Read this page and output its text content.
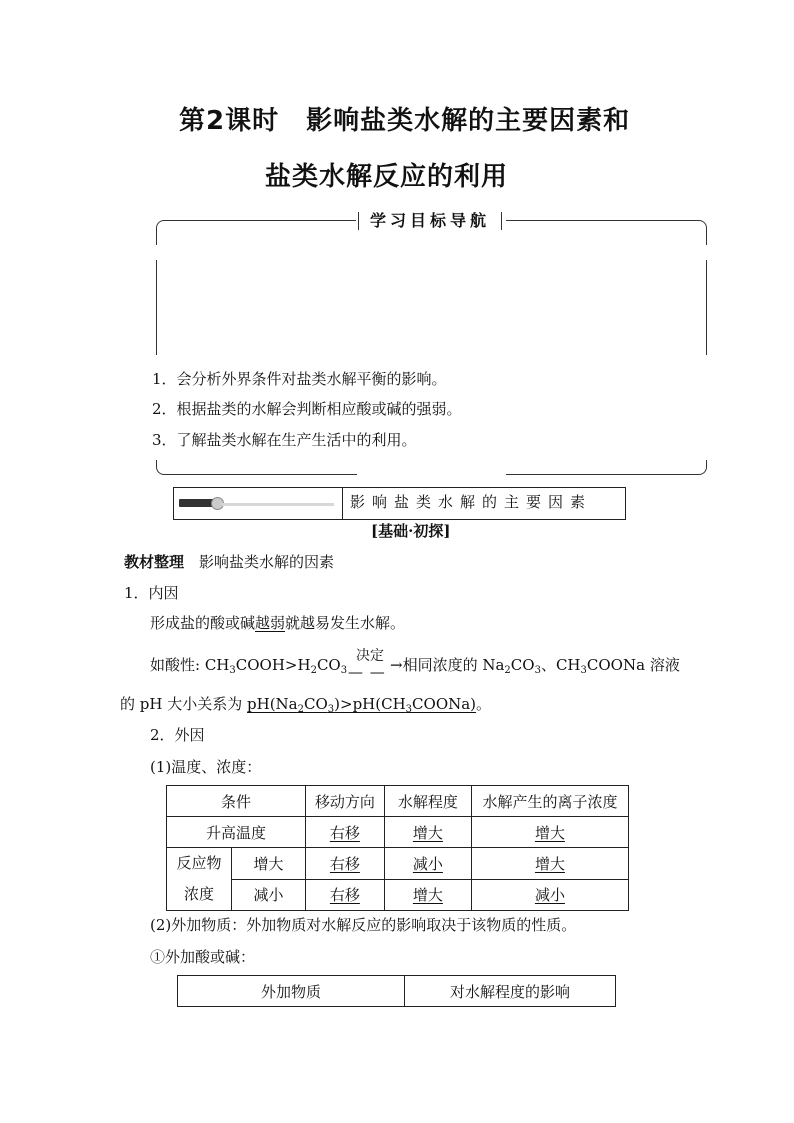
第2课时　影响盐类水解的主要因素和
盐类水解反应的利用
学习目标导航
1．会分析外界条件对盐类水解平衡的影响。
2．根据盐类的水解会判断相应酸或碱的强弱。
3．了解盐类水解在生产生活中的利用。
影响盐类水解的主要因素
[基础·初探]
教材整理　 影响盐类水解的因素
1．内因
形成盐的酸或碱越弱就越易发生水解。
如酸性: $CH_3COOH>H_2CO_3$
决定
— — →相同浓度的 $Na_2CO_3$、$CH_3COONa$ 溶液
的 pH 大小关系为 $pH(Na_2CO_3)>pH(CH_3COONa)$。
2．外因
(1)温度、浓度：
条件		移动方向	水解程度	水解产生的离子浓度
升高温度		右移	增大	增大
反应物
浓度	增大	右移	减小	增大
	减小	右移	增大	减小
(2)外加物质：外加物质对水解反应的影响取决于该物质的性质。
①外加酸或碱：
外加物质	对水解程度的影响
